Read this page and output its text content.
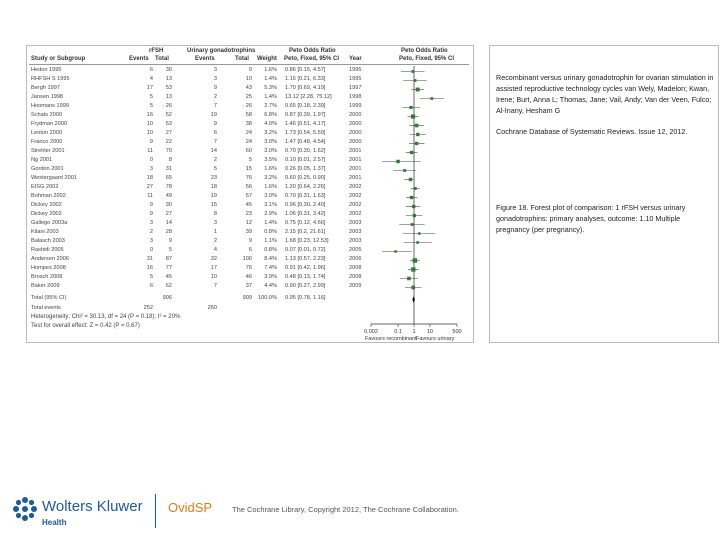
rFSH	Urinary gonadotrophins	Peto Odds Ratio	Peto Odds Ratio
Study or Subgroup	Events Total	Events	Total Weight Peto, Fixed, 95% CI Year	Peto, Fixed, 95% CI
Hedon 1995	6	30	3	9	1.6% 0.86 [0.15, 4.57]	1995
RHFSH S 1995	4	13	3	10	1.4% 1.16 [0.21, 6.33]	1995
Bergh 1997	17	53	9	43	5.3% 1.70 [0.69, 4.19]	1997
Jansen 1998	5	13	2	25	1.4% 13.12 [2.28, 75.12]	1998
Hoomans 1999	5	26	7	26	2.7% 0.65 [0.18, 2.39]	1999
Schats 2000	16	52	19	58	6.8% 0.87 [0.39, 1.97]	2000
Frydman 2000	10	53	9	38	4.0% 1.46 [0.51, 4.17]	2000
Lenton 2000	10	27	6	24	3.2% 1.73 [0.54, 5.59]	2000
Franco 2000	9	22	7	24	3.0% 1.47 [0.48, 4.54]	2000
Strehler 2001	11	70	14	60	3.0% 0.70 [0.30, 1.62]	2001
Ng 2001	0	8	2	5	3.5% 0.10 [0.01, 2.57]	2001
Gordon 2001	3	31	5	15	1.6% 0.26 [0.05, 1.37]	2001
Westergaard 2001	18	65	23	76	3.2% 0.60 [0.25, 0.90]	2001
EISG 2002	27	78	18	56	1.6% 1.20 [0.64, 2.26]	2002
Bohman 2002	11	49	19	57	3.0% 0.70 [0.31, 1.63]	2002
Dickey 2002	9	30	15	45	3.1% 0.96 [0.30, 2.40]	2002
Dickey 2002	9	27	8	23	2.9% 1.06 [0.31, 3.42]	2002
Gallego 2003a	3	14	3	12	1.4% 0.75 [0.12, 4.66]	2003
Kilani 2003	2	28	1	39	0.8% 2.15 [0.2, 21.61]	2003
Balasch 2003	3	9	2	9	1.1% 1.68 [0.23, 12.53]	2003
Rashidi 2005	0	5	4	6	0.8% 0.07 [0.01, 0.72]	2005
Andersen 2006	31	87	32	100	8.4% 1.13 [0.57, 2.23]	2006
Hompes 2008	16	77	17	76	7.4% 0.91 [0.42, 1.96]	2008
Brosch 2008	5	45	10	46	3.9% 0.48 [0.13, 1.74]	2008
Baker 2009	6	62	7	37	4.4% 0.90 [0.27, 2.99]	2009
Total (95% CI)	906	909	100.0% 0.95 [0.78, 1.16]
Total events	252	260
Heterogeneity: Chi² = 30.13, df = 24 (P = 0.18); I² = 20%
Test for overall effect: Z = 0.42 (P = 0.67)
0.002	0.1 1 10	500
Favours recombinant Favours urinary
Recombinant versus urinary gonadotrophin for ovarian stimulation in assisted reproductive technology cycles van Wely, Madelon; Kwan, Irene; Burt, Anna L; Thomas, Jane; Vail, Andy; Van der Veen, Fulco; Al-Inany, Hesham G
Cochrane Database of Systematic Reviews. Issue 12, 2012.
Figure 18. Forest plot of comparison: 1 rFSH versus urinary gonadotrophins: primary analyses, outcome: 1.10 Multiple pregnancy (per pregnancy).
Wolters Kluwer
Health
OvidSP	The Cochrane Library, Copyright 2012, The Cochrane Collaboration.
